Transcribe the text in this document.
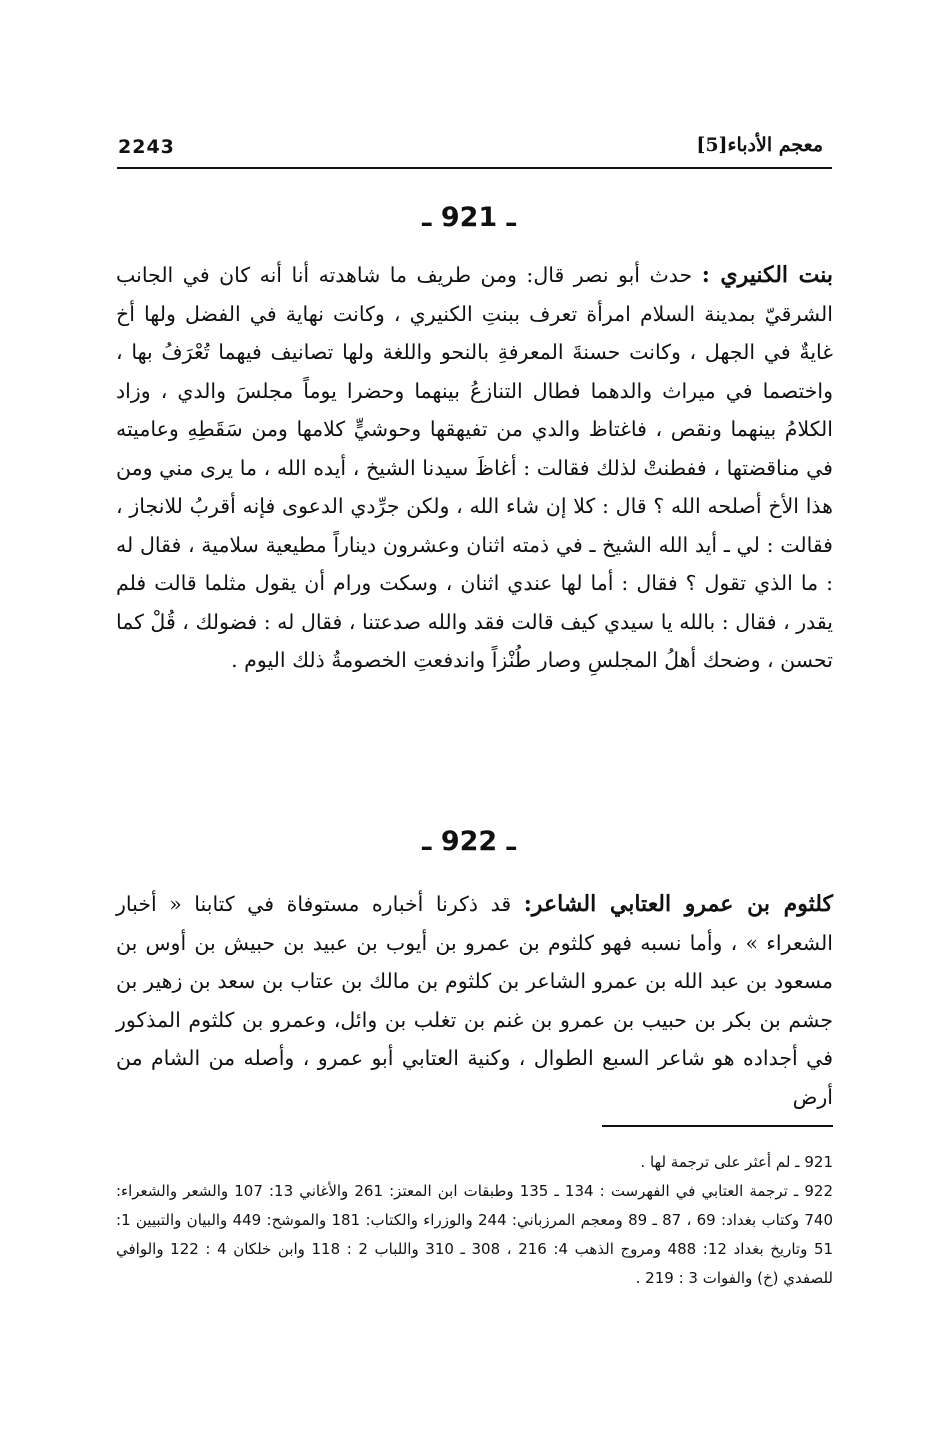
2243	معجم الأدباء[5]
ـ 921 ـ
بنت الكنيري : حدث أبو نصر قال: ومن طريف ما شاهدته أنا أنه كان في الجانب الشرقيّ بمدينة السلام امرأة تعرف ببنتِ الكنيري ، وكانت نهاية في الفضل ولها أخ غايةٌ في الجهل ، وكانت حسنةَ المعرفةِ بالنحو واللغة ولها تصانيف فيهما تُعْرَفُ بها ، واختصما في ميراث والدهما فطال التنازعُ بينهما وحضرا يوماً مجلسَ والدي ، وزاد الكلامُ بينهما ونقص ، فاغتاظ والدي من تفيهقها وحوشيٍّ كلامها ومن سَقَطِهِ وعاميته في مناقضتها ، ففطنتْ لذلك فقالت : أغاظَ سيدنا الشيخ ، أيده الله ، ما يرى مني ومن هذا الأخ أصلحه الله ؟ قال : كلا إن شاء الله ، ولكن جرِّدي الدعوى فإنه أقربُ للانجاز ، فقالت : لي ـ أيد الله الشيخ ـ في ذمته اثنان وعشرون ديناراً مطيعية سلامية ، فقال له : ما الذي تقول ؟ فقال : أما لها عندي اثنان ، وسكت ورام أن يقول مثلما قالت فلم يقدر ، فقال : بالله يا سيدي كيف قالت فقد والله صدعتنا ، فقال له : فضولك ، قُلْ كما تحسن ، وضحك أهلُ المجلسِ وصار طُنْزاً واندفعتِ الخصومةُ ذلك اليوم .
ـ 922 ـ
كلثوم بن عمرو العتابي الشاعر: قد ذكرنا أخباره مستوفاة في كتابنا « أخبار الشعراء » ، وأما نسبه فهو كلثوم بن عمرو بن أيوب بن عبيد بن حبيش بن أوس بن مسعود بن عبد الله بن عمرو الشاعر بن كلثوم بن مالك بن عتاب بن سعد بن زهير بن جشم بن بكر بن حبيب بن عمرو بن غنم بن تغلب بن وائل، وعمرو بن كلثوم المذكور في أجداده هو شاعر السبع الطوال ، وكنية العتابي أبو عمرو ، وأصله من الشام من أرض

921 ـ لم أعثر على ترجمة لها .

922 ـ ترجمة العتابي في الفهرست : 134 ـ 135 وطبقات ابن المعتز: 261 والأغاني 13: 107 والشعر والشعراء: 740 وكتاب بغداد: 69 ، 87 ـ 89 ومعجم المرزباني: 244 والوزراء والكتاب: 181 والموشح: 449 والبيان والتبيين 1: 51 وتاريخ بغداد 12: 488 ومروج الذهب 4: 216 ، 308 ـ 310 واللباب 2 : 118 وابن خلكان 4 : 122 والوافي للصفدي (خ) والفوات 3 : 219 .
